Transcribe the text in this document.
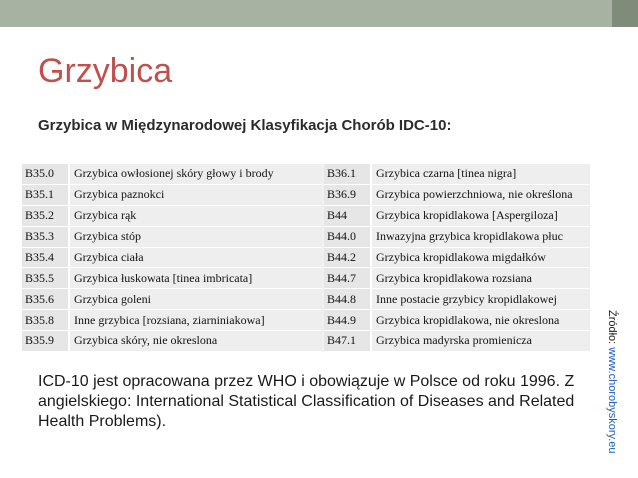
Grzybica
Grzybica w Międzynarodowej Klasyfikacja Chorób IDC-10:
B35.0	Grzybica owłosionej skóry głowy i brody
B35.1	Grzybica paznokci
B35.2	Grzybica rąk
B35.3	Grzybica stóp
B35.4	Grzybica ciała
B35.5	Grzybica łuskowata [tinea imbricata]
B35.6	Grzybica goleni
B35.8	Inne grzybica [rozsiana, ziarniniakowa]
B35.9	Grzybica skóry, nie okreslona
B36.1	Grzybica czarna [tinea nigra]
B36.9	Grzybica powierzchniowa, nie określona
B44	Grzybica kropidlakowa [Aspergiloza]
B44.0	Inwazyjna grzybica kropidlakowa płuc
B44.2	Grzybica kropidlakowa migdałków
B44.7	Grzybica kropidlakowa rozsiana
B44.8	Inne postacie grzybicy kropidlakowej
B44.9	Grzybica kropidlakowa, nie okreslona
B47.1	Grzybica madyrska promienicza
ICD-10 jest opracowana przez WHO i obowiązuje w Polsce od roku 1996. Z angielskiego: International Statistical Classification of Diseases and Related Health Problems).
Źródło: www.chorobyskory.eu
